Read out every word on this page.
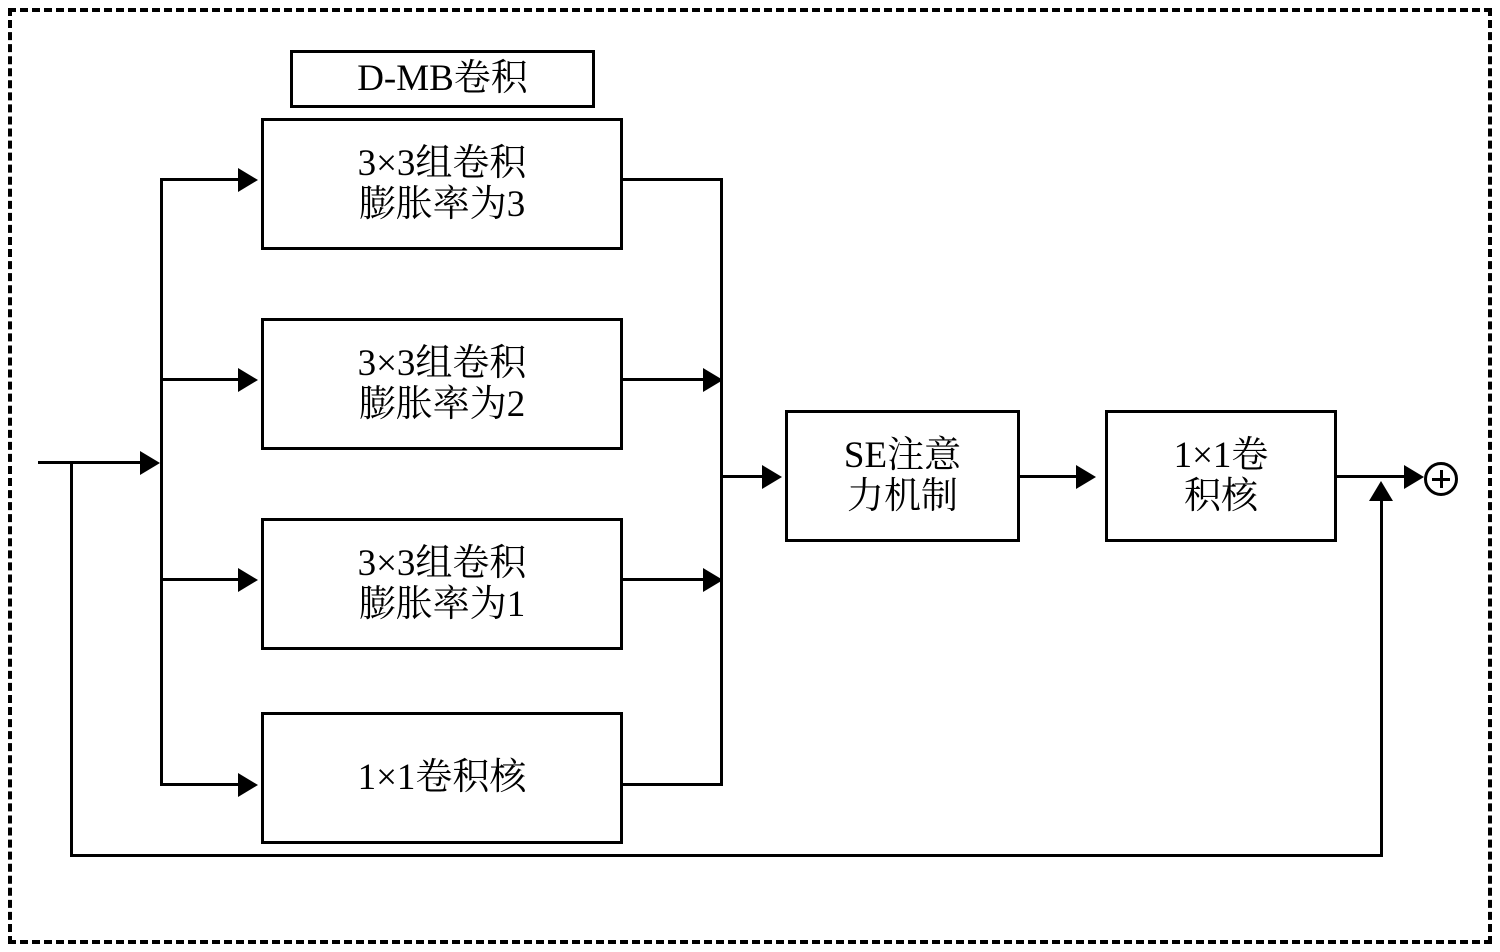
D-MB卷积
3×3组卷积
膨胀率为3
3×3组卷积
膨胀率为2
3×3组卷积
膨胀率为1
1×1卷积核
SE注意
力机制
1×1卷
积核
